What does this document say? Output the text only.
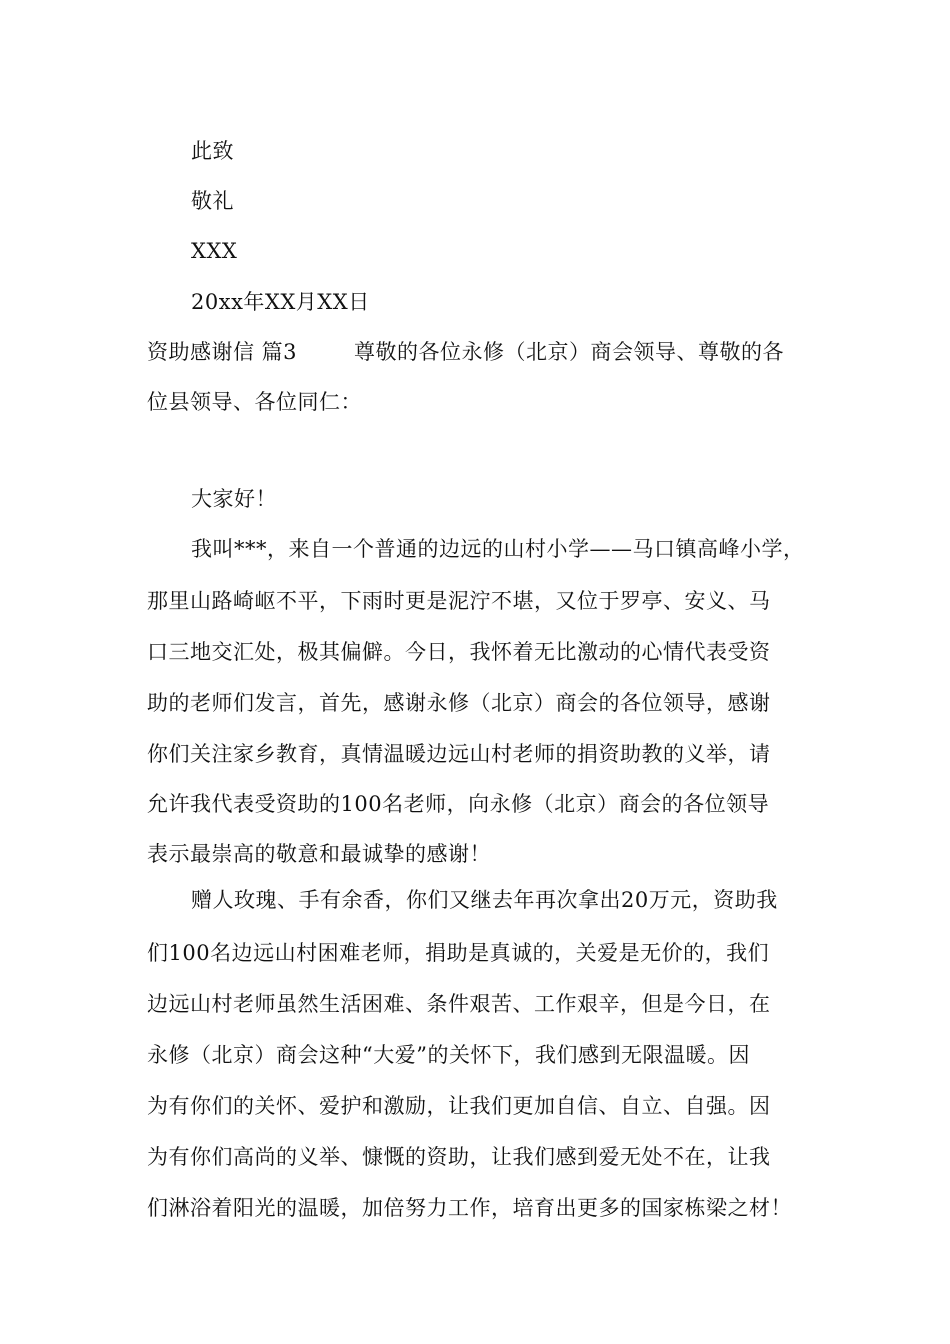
此致
敬礼
XXX
20xx年XX月XX日
资助感谢信 篇3	尊敬的各位永修（北京）商会领导、尊敬的各
位县领导、各位同仁：
大家好！
我叫***，来自一个普通的边远的山村小学——马口镇高峰小学，
那里山路崎岖不平，下雨时更是泥泞不堪，又位于罗亭、安义、马
口三地交汇处，极其偏僻。今日，我怀着无比激动的心情代表受资
助的老师们发言，首先，感谢永修（北京）商会的各位领导，感谢
你们关注家乡教育，真情温暖边远山村老师的捐资助教的义举，请
允许我代表受资助的100名老师，向永修（北京）商会的各位领导
表示最崇高的敬意和最诚挚的感谢！
赠人玫瑰、手有余香，你们又继去年再次拿出20万元，资助我
们100名边远山村困难老师，捐助是真诚的，关爱是无价的，我们
边远山村老师虽然生活困难、条件艰苦、工作艰辛，但是今日，在
永修（北京）商会这种“大爱”的关怀下，我们感到无限温暖。因
为有你们的关怀、爱护和激励，让我们更加自信、自立、自强。因
为有你们高尚的义举、慷慨的资助，让我们感到爱无处不在，让我
们淋浴着阳光的温暖，加倍努力工作，培育出更多的国家栋梁之材！
